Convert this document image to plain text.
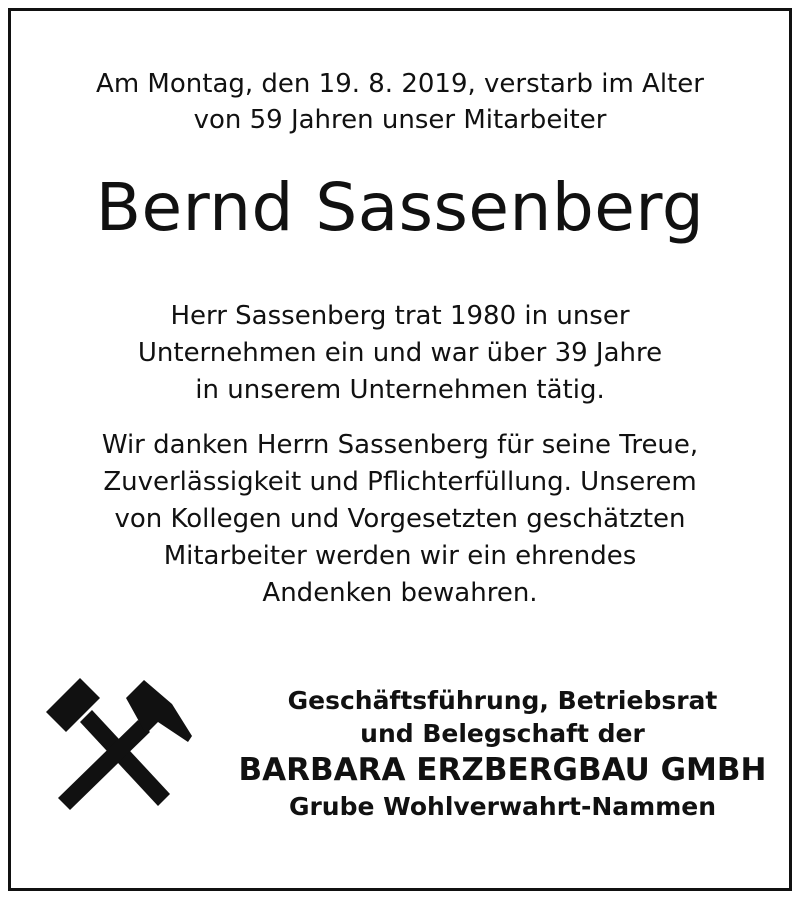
Am Montag, den 19. 8. 2019, verstarb im Alter
von 59 Jahren unser Mitarbeiter
Bernd Sassenberg
Herr Sassenberg trat 1980 in unser
Unternehmen ein und war über 39 Jahre
in unserem Unternehmen tätig.
Wir danken Herrn Sassenberg für seine Treue,
Zuverlässigkeit und Pflichterfüllung. Unserem
von Kollegen und Vorgesetzten geschätzten
Mitarbeiter werden wir ein ehrendes
Andenken bewahren.
Geschäftsführung, Betriebsrat
und Belegschaft der
BARBARA ERZBERGBAU GMBH
Grube Wohlverwahrt-Nammen
